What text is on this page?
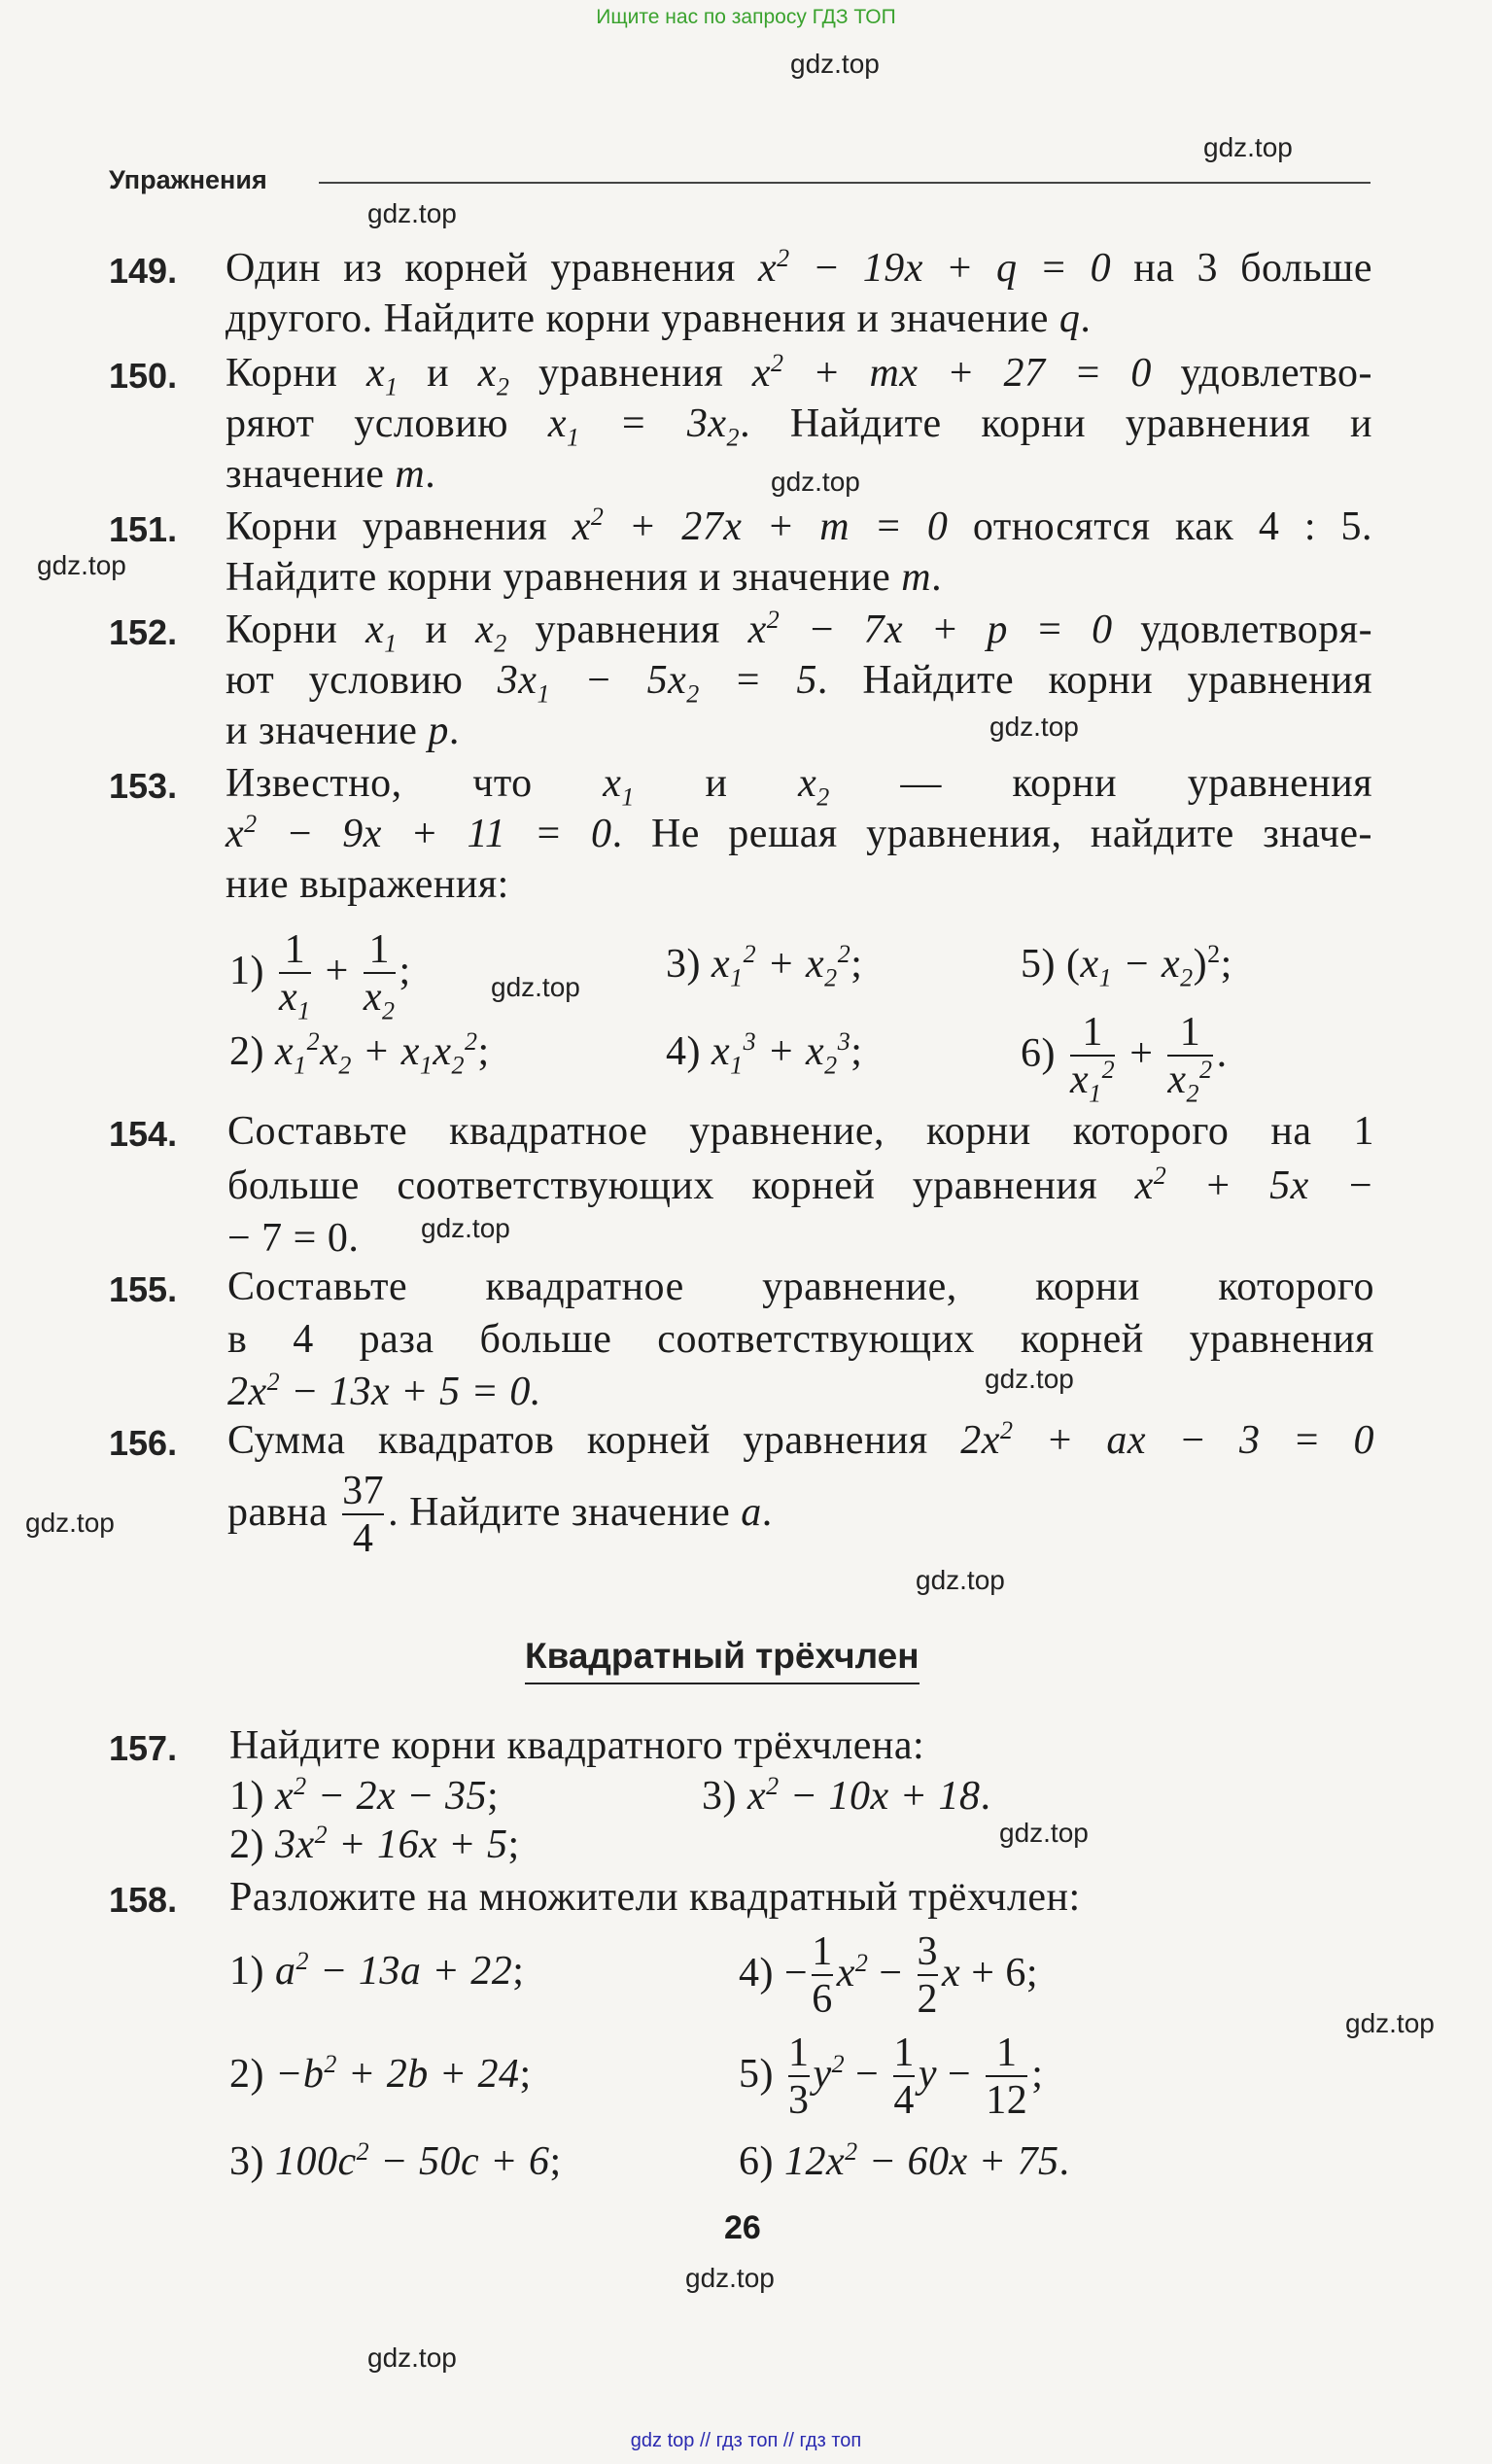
Ищите нас по запросу ГДЗ ТОП
gdz.top
gdz.top
gdz.top
gdz.top
gdz.top
gdz.top
gdz.top
gdz.top
gdz.top
gdz.top
gdz.top
gdz.top
gdz.top
gdz.top
gdz.top
Упражнения
149. Один из корней уравнения $x^2 - 19x + q = 0$ на 3 больше
другого. Найдите корни уравнения и значение q.
150. Корни $x_1$ и $x_2$ уравнения $x^2$ + mx + 27 = 0 удовлетво-
ряют условию $x_1 = 3x_2$. Найдите корни уравнения и
значение m.
151. Корни уравнения $x^2 + 27x + m = 0$ относятся как 4 : 5.
Найдите корни уравнения и значение m.
152. Корни $x_1$ и $x_2$ уравнения $x^2 - 7x + p = 0$ удовлетворя-
ют условию $3x_1 - 5x_2 = 5$. Найдите корни уравнения
и значение p.
153. Известно, что $x_1$ и $x_2$ — корни уравнения
$x^2 - 9x + 11 = 0$. Не решая уравнения, найдите значе-
ние выражения:
$1) \frac{1}{x_1} + \frac{1}{x_2}$ ;	3) $x_1^2 + x_2^2$;	5) $(x_1 - x_2)^2$;
2) $x_1^2x_2 + x_1x_2^2$;	4) $x_1^3 + x_2^3$;	$6) \frac{1}{x_1^2} + \frac{1}{x_2^2}$ .
154. Составьте квадратное уравнение, корни которого на 1
больше соответствующих корней уравнения $x^2 + 5x$ −
− 7 = 0.
155. Составьте квадратное уравнение, корни которого
в 4 раза больше соответствующих корней уравнения
$2x^2 - 13x + 5 = 0$.
156. Сумма квадратов корней уравнения $2x^2$ + ax − 3 = 0
равна $\frac{37}{4}$ . Найдите значение a.
Квадратный трёхчлен
157. Найдите корни квадратного трёхчлена:
1) $x^2 - 2x - 35$;	3) $x^2 - 10x + 18$.
2) $3x^2 + 16x + 5$;
158. Разложите на множители квадратный трёхчлен:
1) $a^2 - 13a + 22$;	$4) - \frac{1}{6} x^2 - \frac{3}{2}$ x + 6;
$2) -b^2 + 2b + 24$;	$5) \frac{1}{3} y^2 - \frac{1}{4}$ $y - \frac{1}{12}$ ;
3) $100c^2 - 50c + 6$;	6) $12x^2 - 60x + 75$.
26
gdz top // гдз топ // гдз топ
